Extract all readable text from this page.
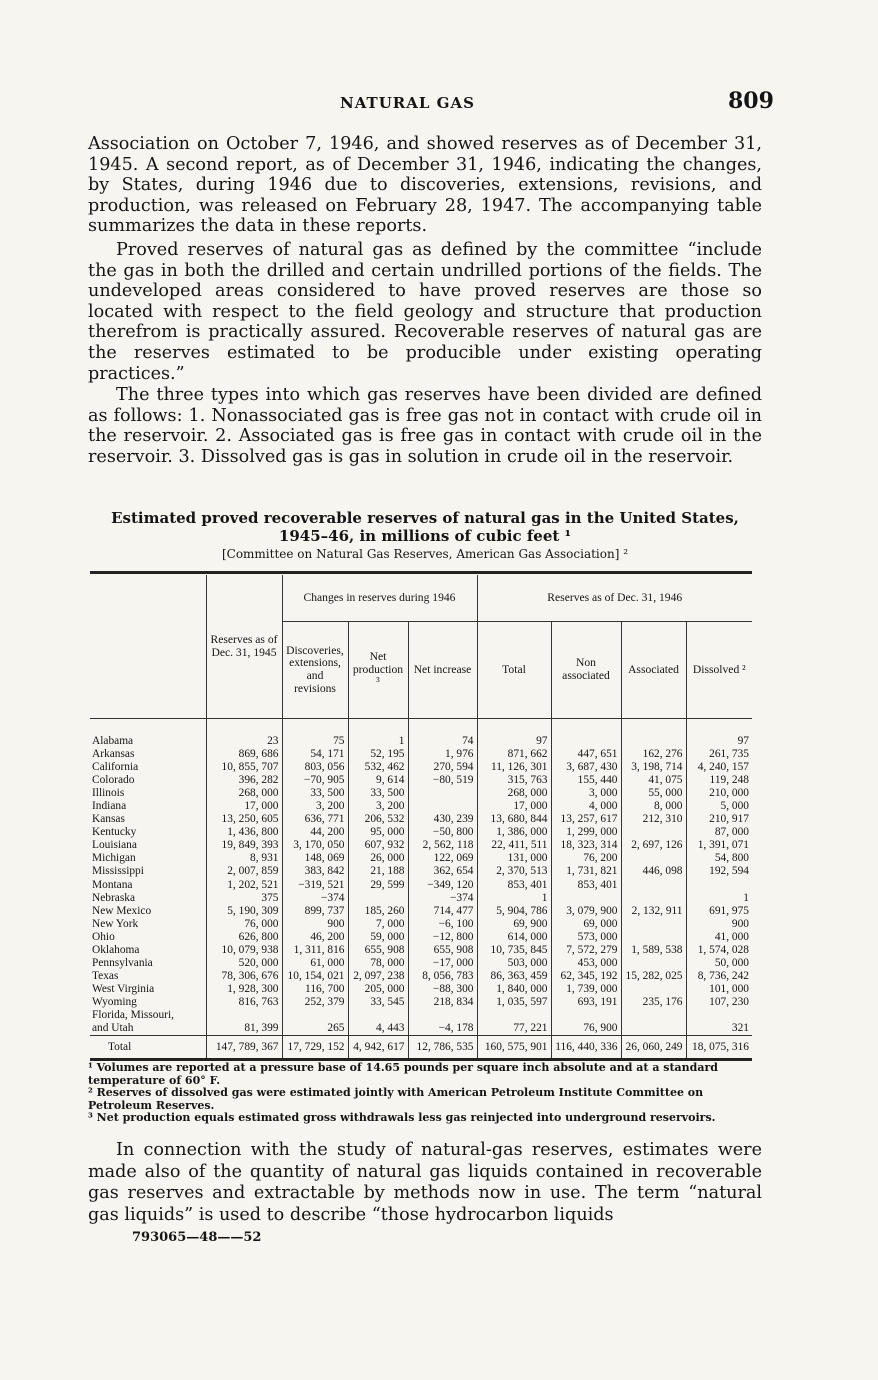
NATURAL GAS	809

Association on October 7, 1946, and showed reserves as of December 31, 1945. A second report, as of December 31, 1946, indicating the changes, by States, during 1946 due to discoveries, extensions, revisions, and production, was released on February 28, 1947. The accompanying table summarizes the data in these reports.

Proved reserves of natural gas as defined by the committee “include the gas in both the drilled and certain undrilled portions of the fields. The undeveloped areas considered to have proved reserves are those so located with respect to the field geology and structure that production therefrom is practically assured. Recoverable reserves of natural gas are the reserves estimated to be producible under existing operating practices.”

The three types into which gas reserves have been divided are defined as follows: 1. Nonassociated gas is free gas not in contact with crude oil in the reservoir. 2. Associated gas is free gas in contact with crude oil in the reservoir. 3. Dissolved gas is gas in solution in crude oil in the reservoir.

Estimated proved recoverable reserves of natural gas in the United States, 1945–46, in millions of cubic feet ¹
[Committee on Natural Gas Reserves, American Gas Association] ²
	Reserves as of Dec. 31, 1945	Changes in reserves during 1946			Reserves as of Dec. 31, 1946			
		Discoveries, extensions, and revisions	Net production ³	Net increase	Total	Non associated	Associated	Dissolved ²

Alabama	23	75	1	74	97			97
Arkansas	869, 686	54, 171	52, 195	1, 976	871, 662	447, 651	162, 276	261, 735
California	10, 855, 707	803, 056	532, 462	270, 594	11, 126, 301	3, 687, 430	3, 198, 714	4, 240, 157
Colorado	396, 282	−70, 905	9, 614	−80, 519	315, 763	155, 440	41, 075	119, 248
Illinois	268, 000	33, 500	33, 500		268, 000	3, 000	55, 000	210, 000
Indiana	17, 000	3, 200	3, 200		17, 000	4, 000	8, 000	5, 000
Kansas	13, 250, 605	636, 771	206, 532	430, 239	13, 680, 844	13, 257, 617	212, 310	210, 917
Kentucky	1, 436, 800	44, 200	95, 000	−50, 800	1, 386, 000	1, 299, 000		87, 000
Louisiana	19, 849, 393	3, 170, 050	607, 932	2, 562, 118	22, 411, 511	18, 323, 314	2, 697, 126	1, 391, 071
Michigan	8, 931	148, 069	26, 000	122, 069	131, 000	76, 200		54, 800
Mississippi	2, 007, 859	383, 842	21, 188	362, 654	2, 370, 513	1, 731, 821	446, 098	192, 594
Montana	1, 202, 521	−319, 521	29, 599	−349, 120	853, 401	853, 401		
Nebraska	375	−374		−374	1			1
New Mexico	5, 190, 309	899, 737	185, 260	714, 477	5, 904, 786	3, 079, 900	2, 132, 911	691, 975
New York	76, 000	900	7, 000	−6, 100	69, 900	69, 000		900
Ohio	626, 800	46, 200	59, 000	−12, 800	614, 000	573, 000		41, 000
Oklahoma	10, 079, 938	1, 311, 816	655, 908	655, 908	10, 735, 845	7, 572, 279	1, 589, 538	1, 574, 028
Pennsylvania	520, 000	61, 000	78, 000	−17, 000	503, 000	453, 000		50, 000
Texas	78, 306, 676	10, 154, 021	2, 097, 238	8, 056, 783	86, 363, 459	62, 345, 192	15, 282, 025	8, 736, 242
West Virginia	1, 928, 300	116, 700	205, 000	−88, 300	1, 840, 000	1, 739, 000		101, 000
Wyoming	816, 763	252, 379	33, 545	218, 834	1, 035, 597	693, 191	235, 176	107, 230
Florida, Missouri,								
and Utah	81, 399	265	4, 443	−4, 178	77, 221	76, 900		321
Total	147, 789, 367	17, 729, 152	4, 942, 617	12, 786, 535	160, 575, 901	116, 440, 336	26, 060, 249	18, 075, 316
¹ Volumes are reported at a pressure base of 14.65 pounds per square inch absolute and at a standard temperature of 60° F.
² Reserves of dissolved gas were estimated jointly with American Petroleum Institute Committee on Petroleum Reserves.
³ Net production equals estimated gross withdrawals less gas reinjected into underground reservoirs.

In connection with the study of natural-gas reserves, estimates were made also of the quantity of natural gas liquids contained in recoverable gas reserves and extractable by methods now in use. The term “natural gas liquids” is used to describe “those hydrocarbon liquids

793065—48——52
